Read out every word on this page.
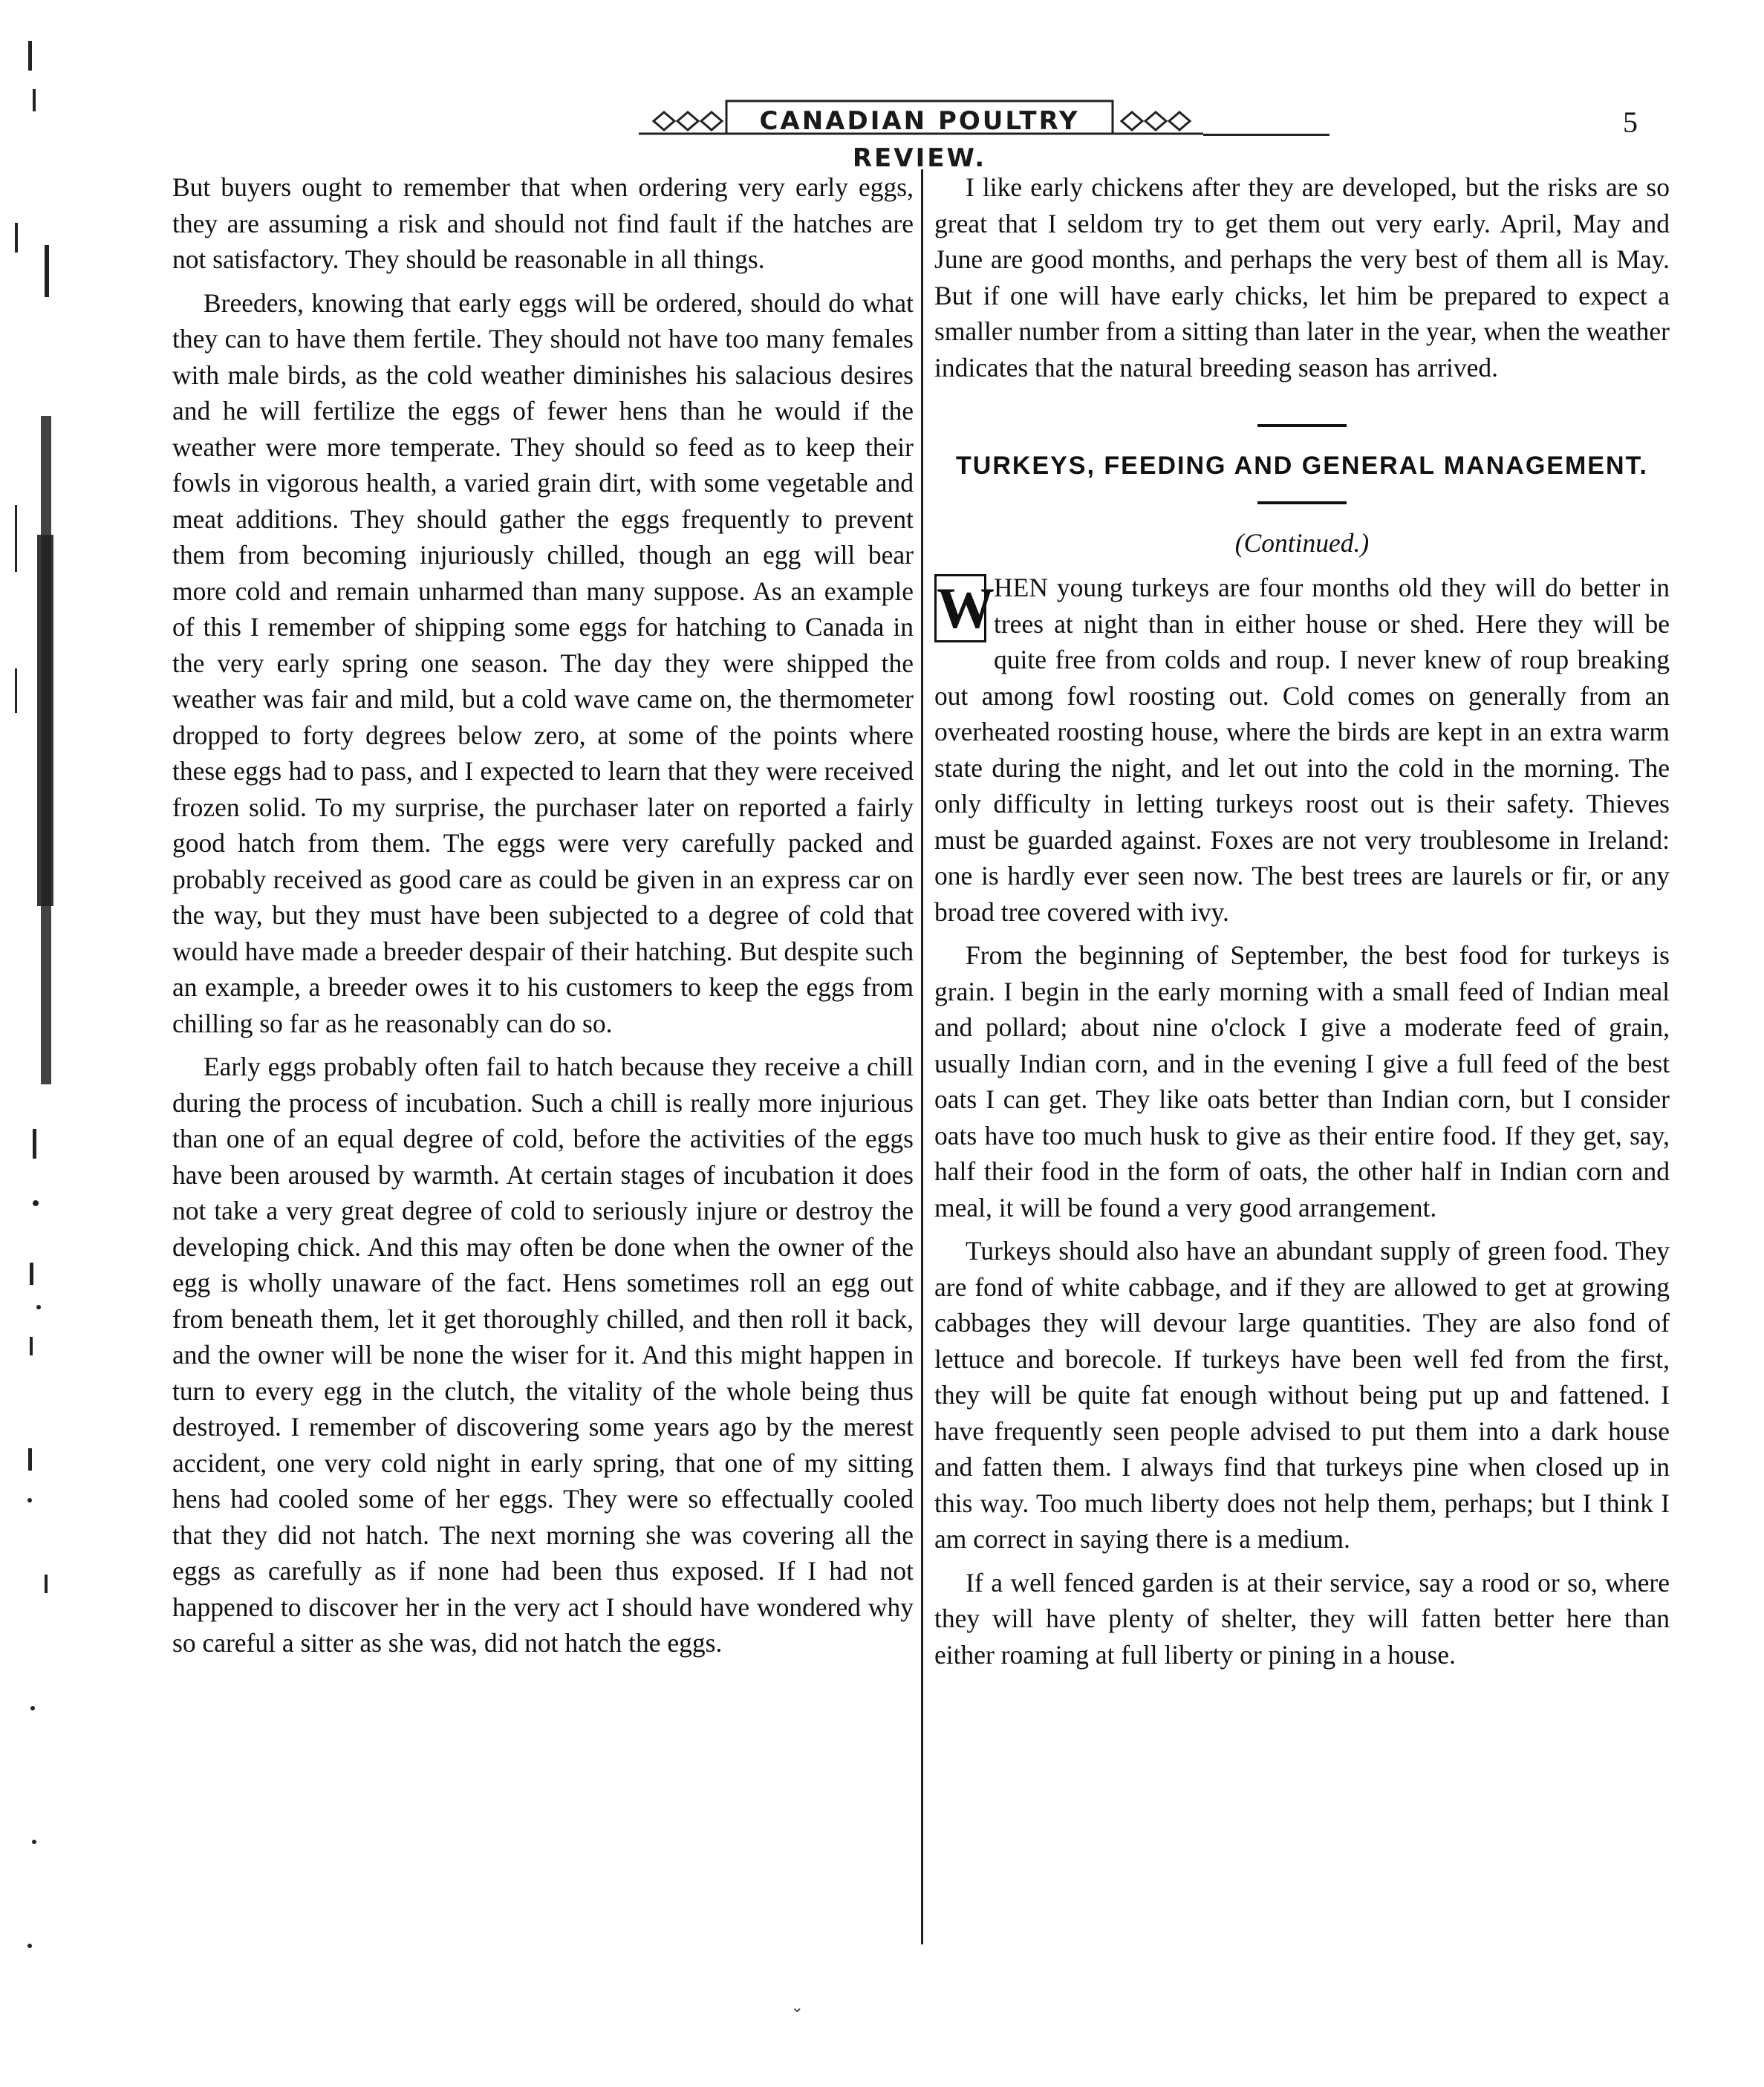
CANADIAN POULTRY REVIEW.
5

But buyers ought to remember that when ordering very early eggs, they are assuming a risk and should not find fault if the hatches are not satisfactory. They should be reasonable in all things.

Breeders, knowing that early eggs will be ordered, should do what they can to have them fertile. They should not have too many females with male birds, as the cold weather diminishes his salacious desires and he will fertilize the eggs of fewer hens than he would if the weather were more temperate. They should so feed as to keep their fowls in vigorous health, a varied grain dirt, with some vegetable and meat additions. They should gather the eggs frequently to prevent them from becoming injuriously chilled, though an egg will bear more cold and remain unharmed than many suppose. As an example of this I remember of shipping some eggs for hatching to Canada in the very early spring one season. The day they were shipped the weather was fair and mild, but a cold wave came on, the thermometer dropped to forty degrees below zero, at some of the points where these eggs had to pass, and I expected to learn that they were received frozen solid. To my surprise, the purchaser later on reported a fairly good hatch from them. The eggs were very carefully packed and probably received as good care as could be given in an express car on the way, but they must have been subjected to a degree of cold that would have made a breeder despair of their hatching. But despite such an example, a breeder owes it to his customers to keep the eggs from chilling so far as he reasonably can do so.

Early eggs probably often fail to hatch because they receive a chill during the process of incubation. Such a chill is really more injurious than one of an equal degree of cold, before the activities of the eggs have been aroused by warmth. At certain stages of incubation it does not take a very great degree of cold to seriously injure or destroy the developing chick. And this may often be done when the owner of the egg is wholly unaware of the fact. Hens sometimes roll an egg out from beneath them, let it get thoroughly chilled, and then roll it back, and the owner will be none the wiser for it. And this might happen in turn to every egg in the clutch, the vitality of the whole being thus destroyed. I remember of discovering some years ago by the merest accident, one very cold night in early spring, that one of my sitting hens had cooled some of her eggs. They were so effectually cooled that they did not hatch. The next morning she was covering all the eggs as carefully as if none had been thus exposed. If I had not happened to discover her in the very act I should have wondered why so careful a sitter as she was, did not hatch the eggs.

I like early chickens after they are developed, but the risks are so great that I seldom try to get them out very early. April, May and June are good months, and perhaps the very best of them all is May. But if one will have early chicks, let him be prepared to expect a smaller number from a sitting than later in the year, when the weather indicates that the natural breeding season has arrived.

TURKEYS, FEEDING AND GENERAL MANAGEMENT.
(Continued.)

W HEN young turkeys are four months old they will do better in trees at night than in either house or shed. Here they will be quite free from colds and roup. I never knew of roup breaking out among fowl roosting out. Cold comes on generally from an overheated roosting house, where the birds are kept in an extra warm state during the night, and let out into the cold in the morning. The only difficulty in letting turkeys roost out is their safety. Thieves must be guarded against. Foxes are not very troublesome in Ireland: one is hardly ever seen now. The best trees are laurels or fir, or any broad tree covered with ivy.

From the beginning of September, the best food for turkeys is grain. I begin in the early morning with a small feed of Indian meal and pollard; about nine o'clock I give a moderate feed of grain, usually Indian corn, and in the evening I give a full feed of the best oats I can get. They like oats better than Indian corn, but I consider oats have too much husk to give as their entire food. If they get, say, half their food in the form of oats, the other half in Indian corn and meal, it will be found a very good arrangement.

Turkeys should also have an abundant supply of green food. They are fond of white cabbage, and if they are allowed to get at growing cabbages they will devour large quantities. They are also fond of lettuce and borecole. If turkeys have been well fed from the first, they will be quite fat enough without being put up and fattened. I have frequently seen people advised to put them into a dark house and fatten them. I always find that turkeys pine when closed up in this way. Too much liberty does not help them, perhaps; but I think I am correct in saying there is a medium.

If a well fenced garden is at their service, say a rood or so, where they will have plenty of shelter, they will fatten better here than either roaming at full liberty or pining in a house.

⌄
